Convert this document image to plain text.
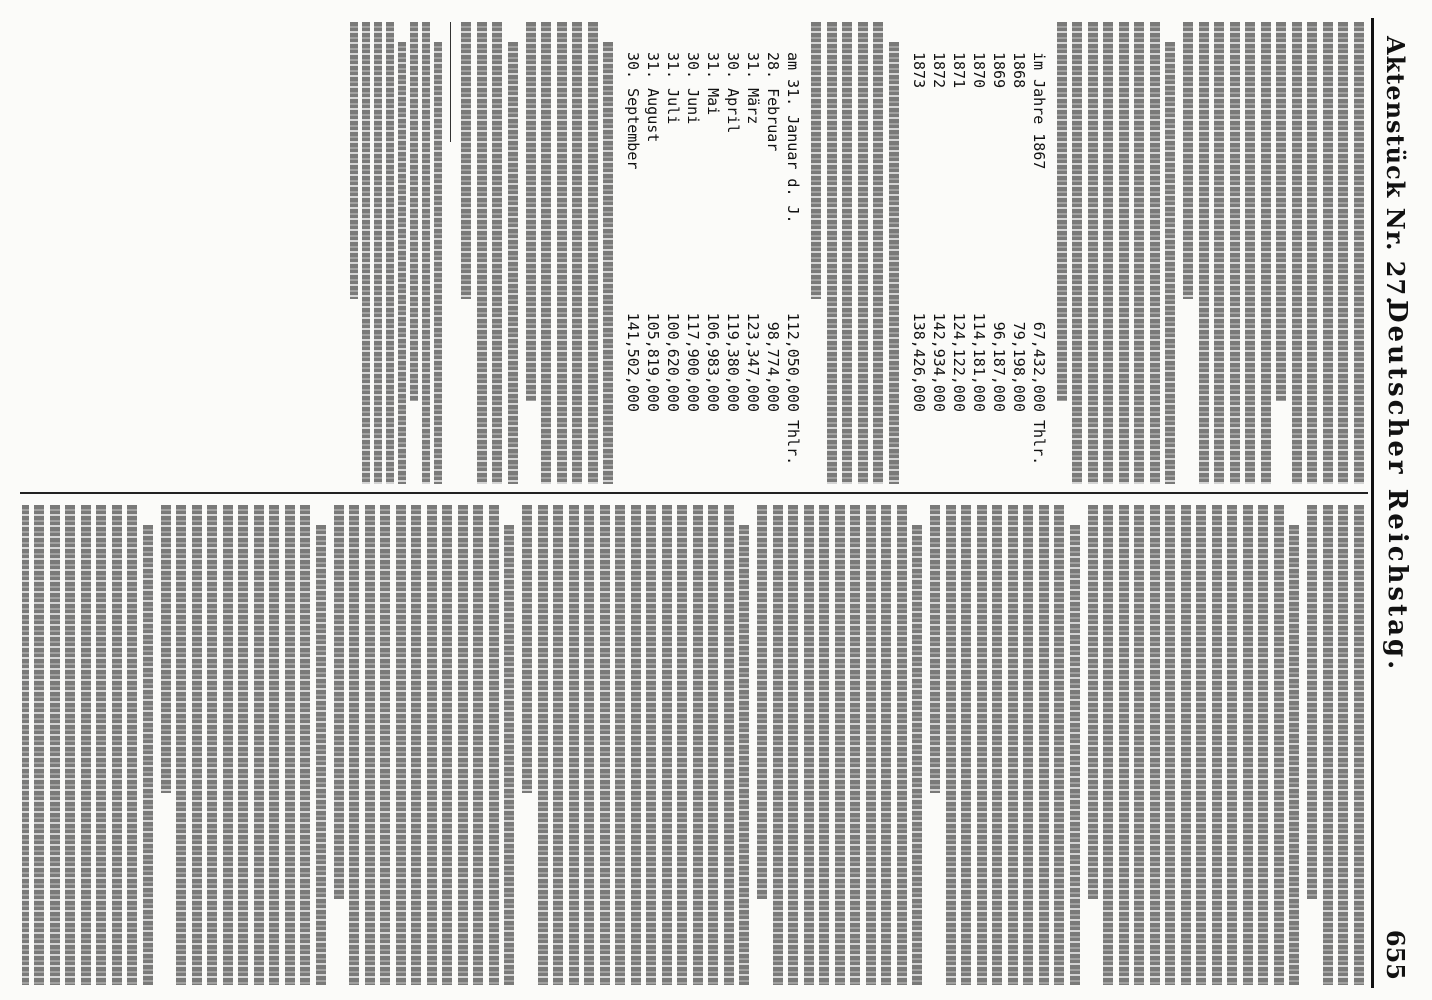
Aktenstück Nr. 27.
Deutscher Reichstag.
655
im Jahre 1867
67,432,000
Thlr.
1868
79,198,000
1869
96,187,000
1870
114,181,000
1871
124,122,000
1872
142,934,000
1873
138,426,000
am 31. Januar d. J.
112,050,000
Thlr.
28. Februar
98,774,000
31. März
123,347,000
30. April
119,380,000
31. Mai
106,983,000
30. Juni
117,900,000
31. Juli
100,620,000
31. August
105,819,000
30. September
141,502,000
